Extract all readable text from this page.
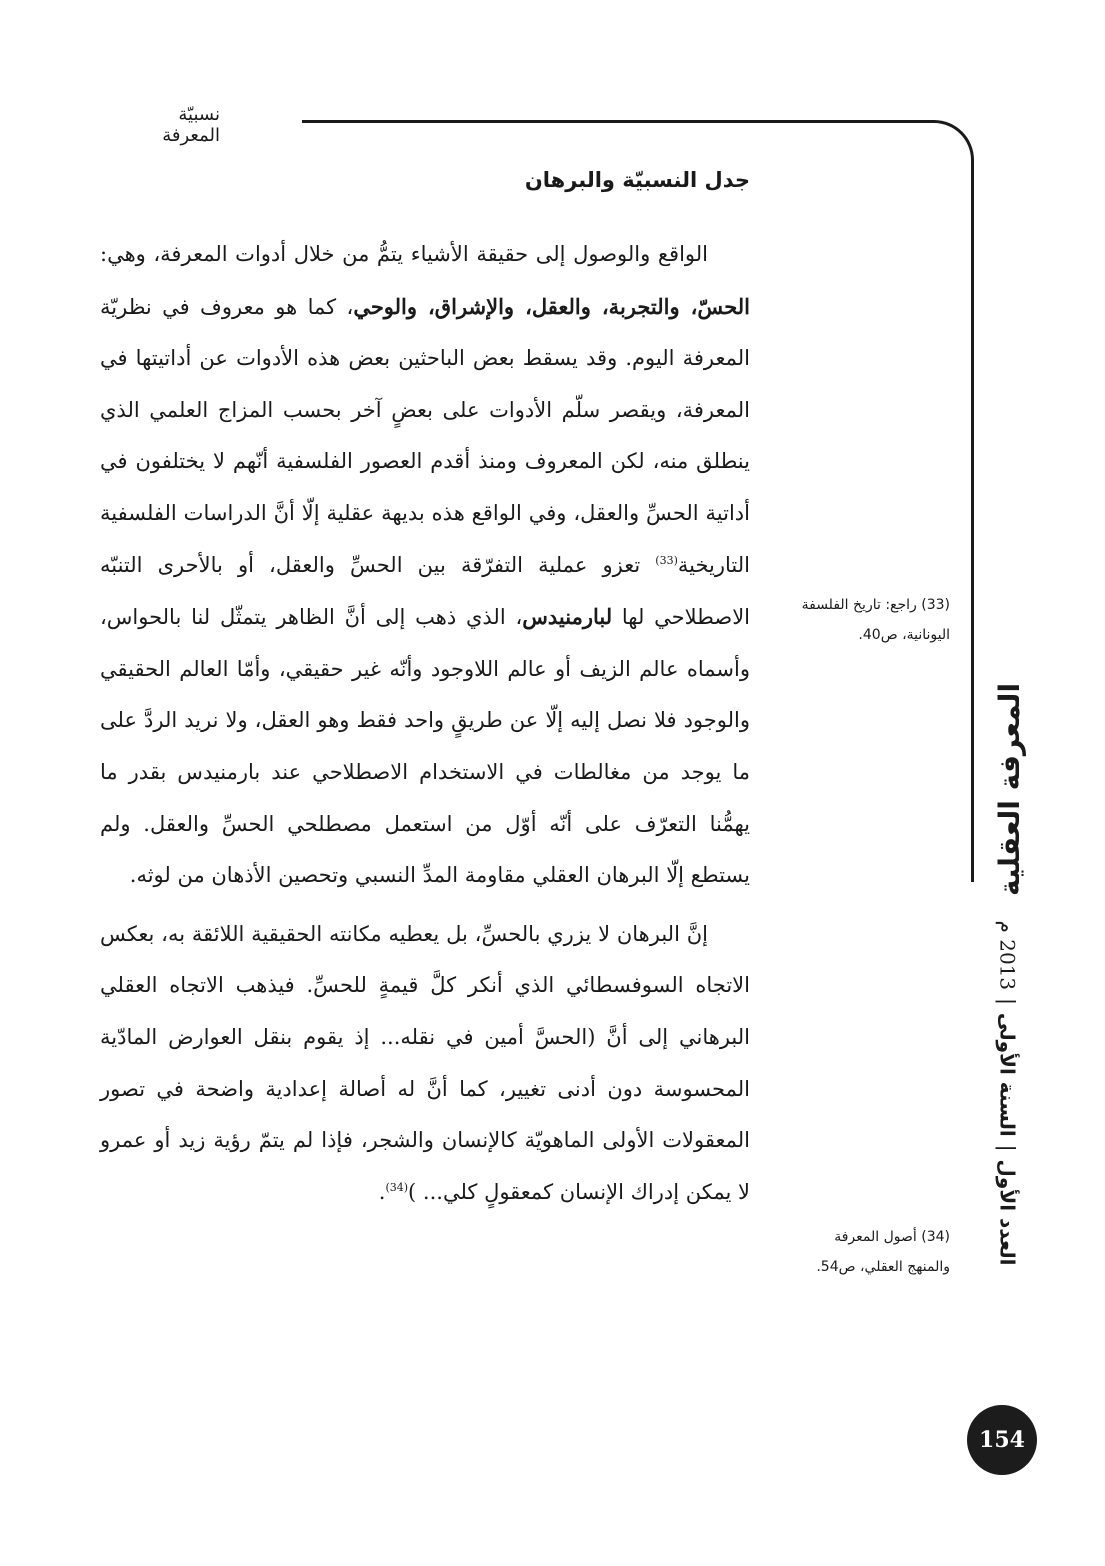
نسبيّة المعرفة
جدل النسبيّة والبرهان

الواقع والوصول إلى حقيقة الأشياء يتمُّ من خلال أدوات المعرفة، وهي: الحسّ، والتجربة، والعقل، والإشراق، والوحي، كما هو معروف في نظريّة المعرفة اليوم. وقد يسقط بعض الباحثين بعض هذه الأدوات عن أداتيتها في المعرفة، ويقصر سلّم الأدوات على بعضٍ آخر بحسب المزاج العلمي الذي ينطلق منه، لكن المعروف ومنذ أقدم العصور الفلسفية أنّهم لا يختلفون في أداتية الحسِّ والعقل، وفي الواقع هذه بديهة عقلية إلّا أنَّ الدراسات الفلسفية التاريخية$^{(33)}$ تعزو عملية التفرّقة بين الحسِّ والعقل، أو بالأحرى التنبّه الاصطلاحي لها لبارمنيدس، الذي ذهب إلى أنَّ الظاهر يتمثّل لنا بالحواس، وأسماه عالم الزيف أو عالم اللاوجود وأنّه غير حقيقي، وأمّا العالم الحقيقي والوجود فلا نصل إليه إلّا عن طريقٍ واحد فقط وهو العقل، ولا نريد الردَّ على ما يوجد من مغالطات في الاستخدام الاصطلاحي عند بارمنيدس بقدر ما يهمُّنا التعرّف على أنّه أوّل من استعمل مصطلحي الحسِّ والعقل. ولم يستطع إلّا البرهان العقلي مقاومة المدِّ النسبي وتحصين الأذهان من لوثه.

إنَّ البرهان لا يزري بالحسِّ، بل يعطيه مكانته الحقيقية اللائقة به، بعكس الاتجاه السوفسطائي الذي أنكر كلَّ قيمةٍ للحسِّ. فيذهب الاتجاه العقلي البرهاني إلى أنَّ (الحسَّ أمين في نقله... إذ يقوم بنقل العوارض المادّية المحسوسة دون أدنى تغيير، كما أنَّ له أصالة إعدادية واضحة في تصور المعقولات الأولى الماهويّة كالإنسان والشجر، فإذا لم يتمّ رؤية زيد أو عمرو لا يمكن إدراك الإنسان كمعقولٍ كلي... )$^{(34)}$.

(33) راجع: تاريخ الفلسفة اليونانية، ص40.
(34) أصول المعرفة والمنهج العقلي، ص54.
المعرفة العقلية
العدد الأول|السنة الأولى|2013 م
154
